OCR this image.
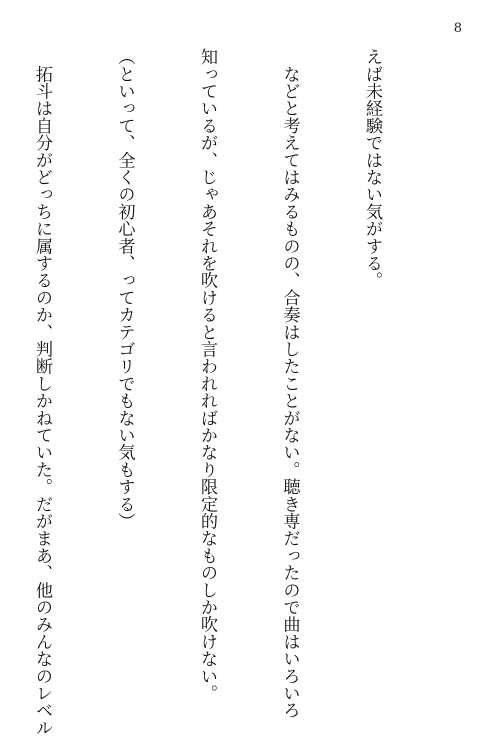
8

えば未経験ではない気がする。

　などと考えてはみるものの、合奏はしたことがない。聴き専だったので曲はいろいろ

知っているが、じゃあそれを吹けると言われればかなり限定的なものしか吹けない。

（といって、全くの初心者、ってカテゴリでもない気もする）

　拓斗は自分がどっちに属するのか、判断しかねていた。だがまあ、他のみんなのレベル
